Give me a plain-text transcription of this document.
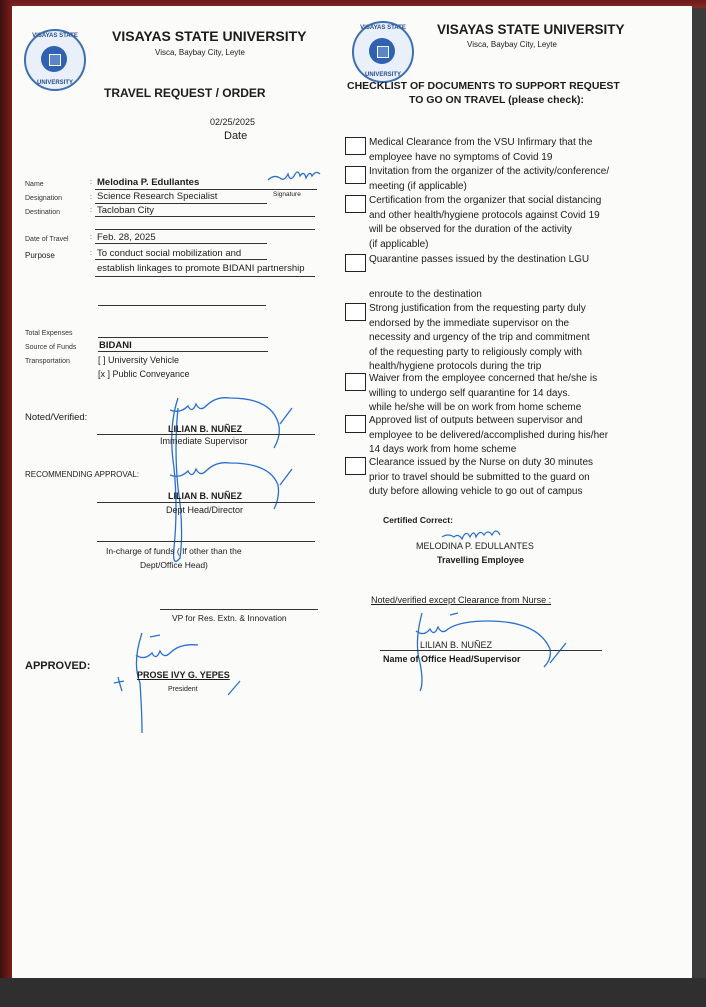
VISAYAS STATE
UNIVERSITY
VISAYAS STATE UNIVERSITY
Visca, Baybay City, Leyte
TRAVEL REQUEST / ORDER
02/25/2025
Date
Name	: Melodina P. Edullantes
Signature
Designation	: Science Research Specialist
Destination	: Tacloban City
Date of Travel	: Feb. 28, 2025
Purpose	: To conduct social mobilization and
establish linkages to promote BIDANI partnership
Total Expenses
Source of Funds BIDANI
Transportation	[ ] University Vehicle
[x ] Public Conveyance
Noted/Verified:
LILIAN B. NUÑEZ
Immediate Supervisor
RECOMMENDING APPROVAL:
LILIAN B. NUÑEZ
Dept Head/Director
In-charge of funds ( If other than the
Dept/Office Head)
VP for Res. Extn. & Innovation
APPROVED:
PROSE IVY G. YEPES
President
VISAYAS STATE
UNIVERSITY
VISAYAS STATE UNIVERSITY
Visca, Baybay City, Leyte
CHECKLIST OF DOCUMENTS TO SUPPORT REQUEST
TO GO ON TRAVEL (please check):
Medical Clearance from the VSU Infirmary that the
employee have no symptoms of Covid 19
Invitation from the organizer of the activity/conference/
meeting (if applicable)
Certification from the organizer that social distancing
and other health/hygiene protocols against Covid 19
will be observed for the duration of the activity
(if applicable)
Quarantine passes issued by the destination LGU
enroute to the destination
Strong justification from the requesting party duly
endorsed by the immediate supervisor on the
necessity and urgency of the trip and commitment
of the requesting party to religiously comply with
health/hygiene protocols during the trip
Waiver from the employee concerned that he/she is
willing to undergo self quarantine for 14 days.
while he/she will be on work from home scheme
Approved list of outputs between supervisor and
employee to be delivered/accomplished during his/her
14 days work from home scheme
Clearance issued by the Nurse on duty 30 minutes
prior to travel should be submitted to the guard on
duty before allowing vehicle to go out of campus
Certified Correct:
MELODINA P. EDULLANTES
Travelling Employee
Noted/verified except Clearance from Nurse :
LILIAN B. NUÑEZ
Name of Office Head/Supervisor
